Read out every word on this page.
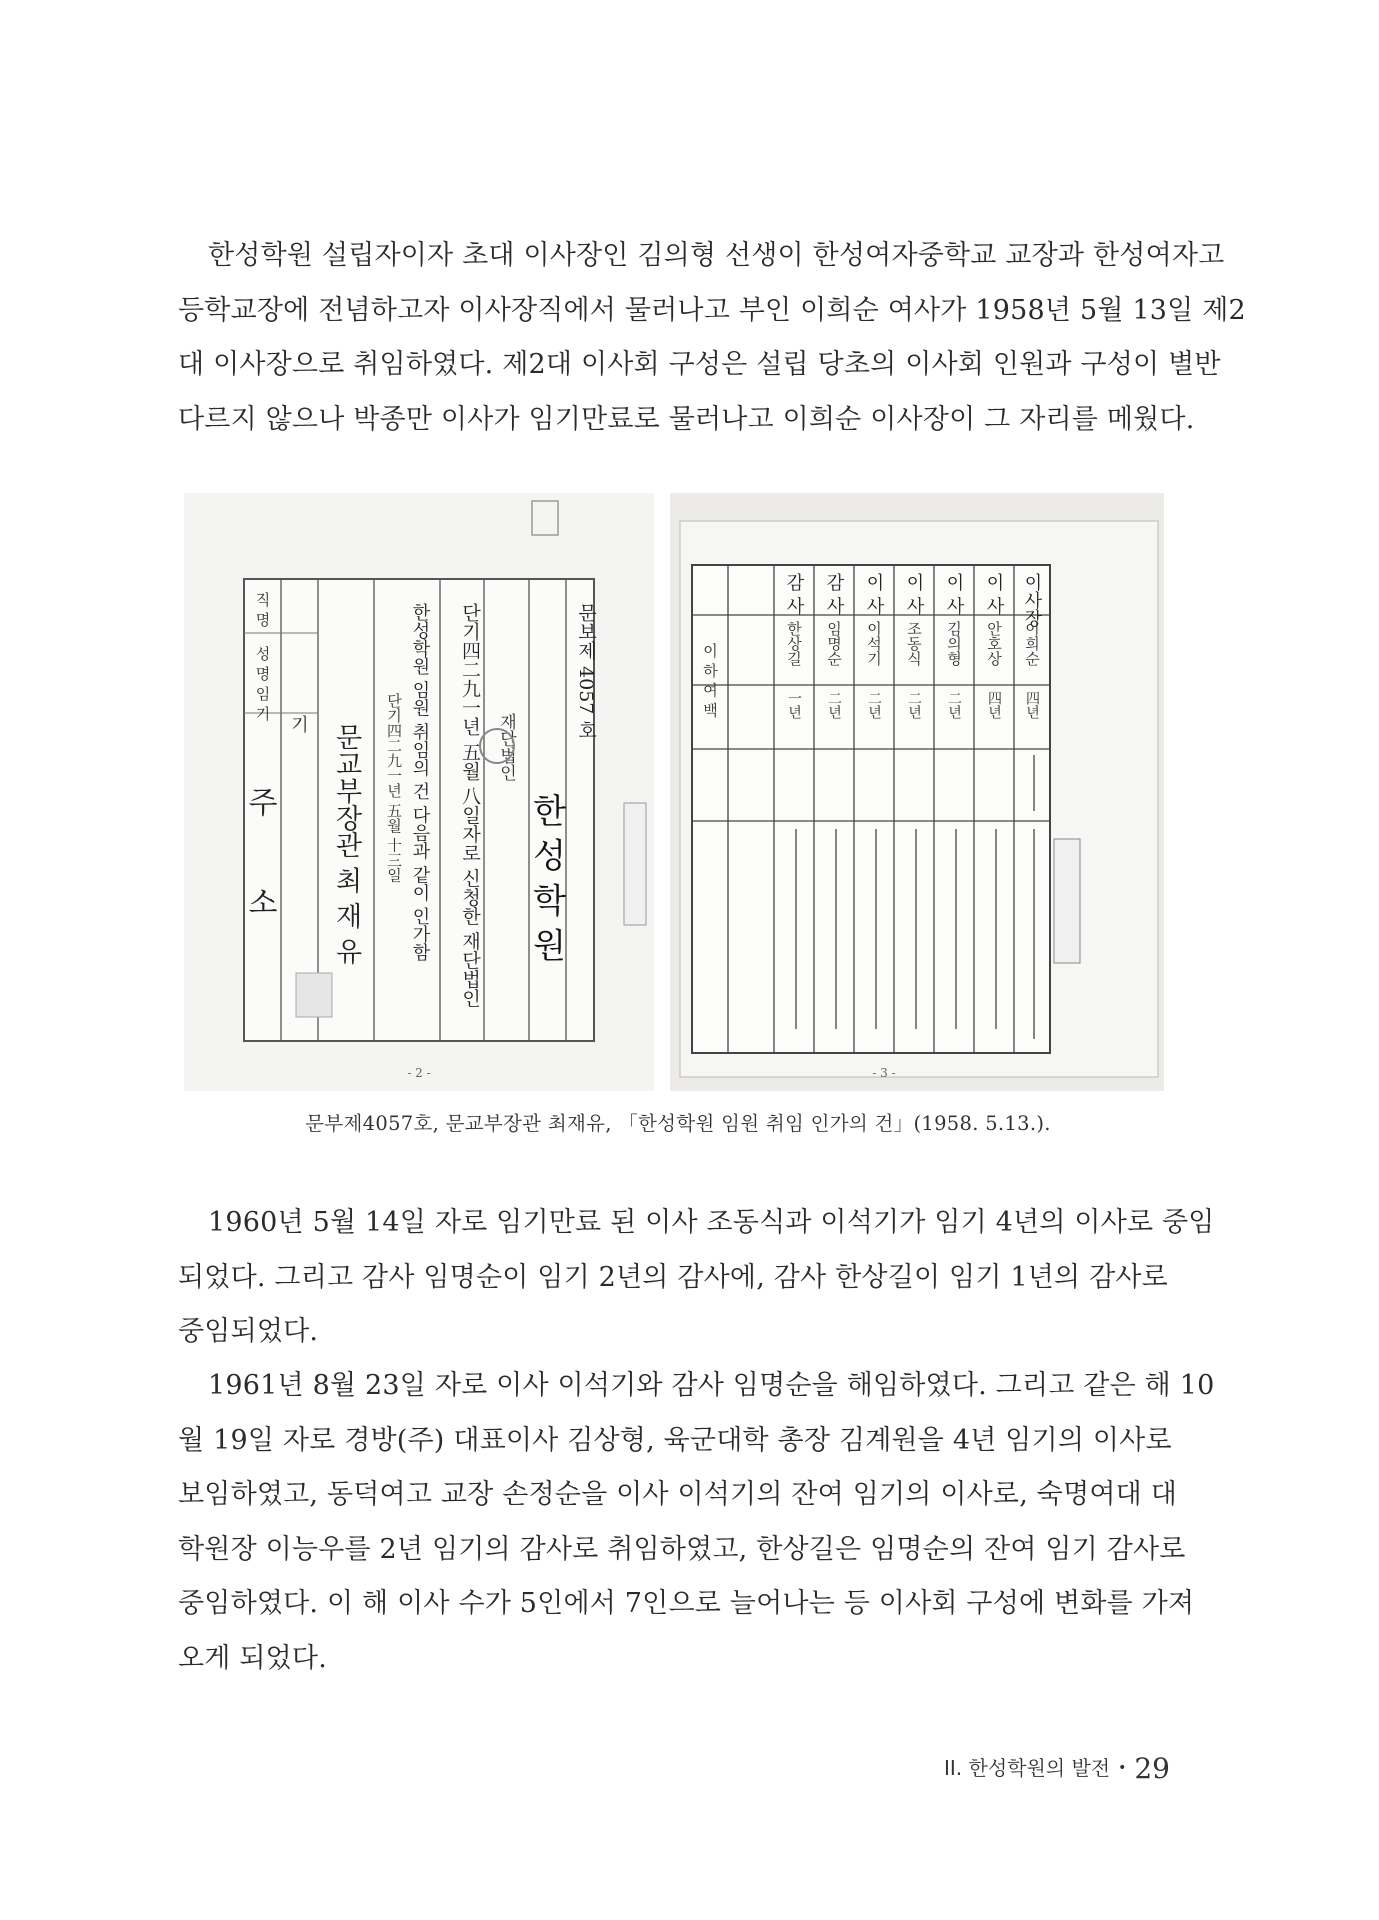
한성학원 설립자이자 초대 이사장인 김의형 선생이 한성여자중학교 교장과 한성여자고
등학교장에 전념하고자 이사장직에서 물러나고 부인 이희순 여사가 1958년 5월 13일 제2
대 이사장으로 취임하였다. 제2대 이사회 구성은 설립 당초의 이사회 인원과 구성이 별반
다르지 않으나 박종만 이사가 임기만료로 물러나고 이희순 이사장이 그 자리를 메웠다.
직
명
성
명
임
기
주
소
기 문교부장관 최 재 유 단기四二九一년 五월 十三일 한성학원 임원 취임의 건 다음과 같이 인가함 단기四二九一년 五월 八일자로 신청한 재단법인 재단법인
한 성 학 원
문보제 4057 호
- 2 -
이 하 여 백
이사장
이 사
이 사
이 사
이 사
감 사
감 사
이희순
안호상
김의형
조동식
이석기
임명순
한상길
四년
四년
二년
二년
二년
二년
一년
- 3 -
문부제4057호, 문교부장관 최재유, 「한성학원 임원 취임 인가의 건」(1958. 5.13.).
1960년 5월 14일 자로 임기만료 된 이사 조동식과 이석기가 임기 4년의 이사로 중임
되었다. 그리고 감사 임명순이 임기 2년의 감사에, 감사 한상길이 임기 1년의 감사로
중임되었다.
1961년 8월 23일 자로 이사 이석기와 감사 임명순을 해임하였다. 그리고 같은 해 10
월 19일 자로 경방(주) 대표이사 김상형, 육군대학 총장 김계원을 4년 임기의 이사로
보임하였고, 동덕여고 교장 손정순을 이사 이석기의 잔여 임기의 이사로, 숙명여대 대
학원장 이능우를 2년 임기의 감사로 취임하였고, 한상길은 임명순의 잔여 임기 감사로
중임하였다. 이 해 이사 수가 5인에서 7인으로 늘어나는 등 이사회 구성에 변화를 가져
오게 되었다.
II. 한성학원의 발전 • 29
